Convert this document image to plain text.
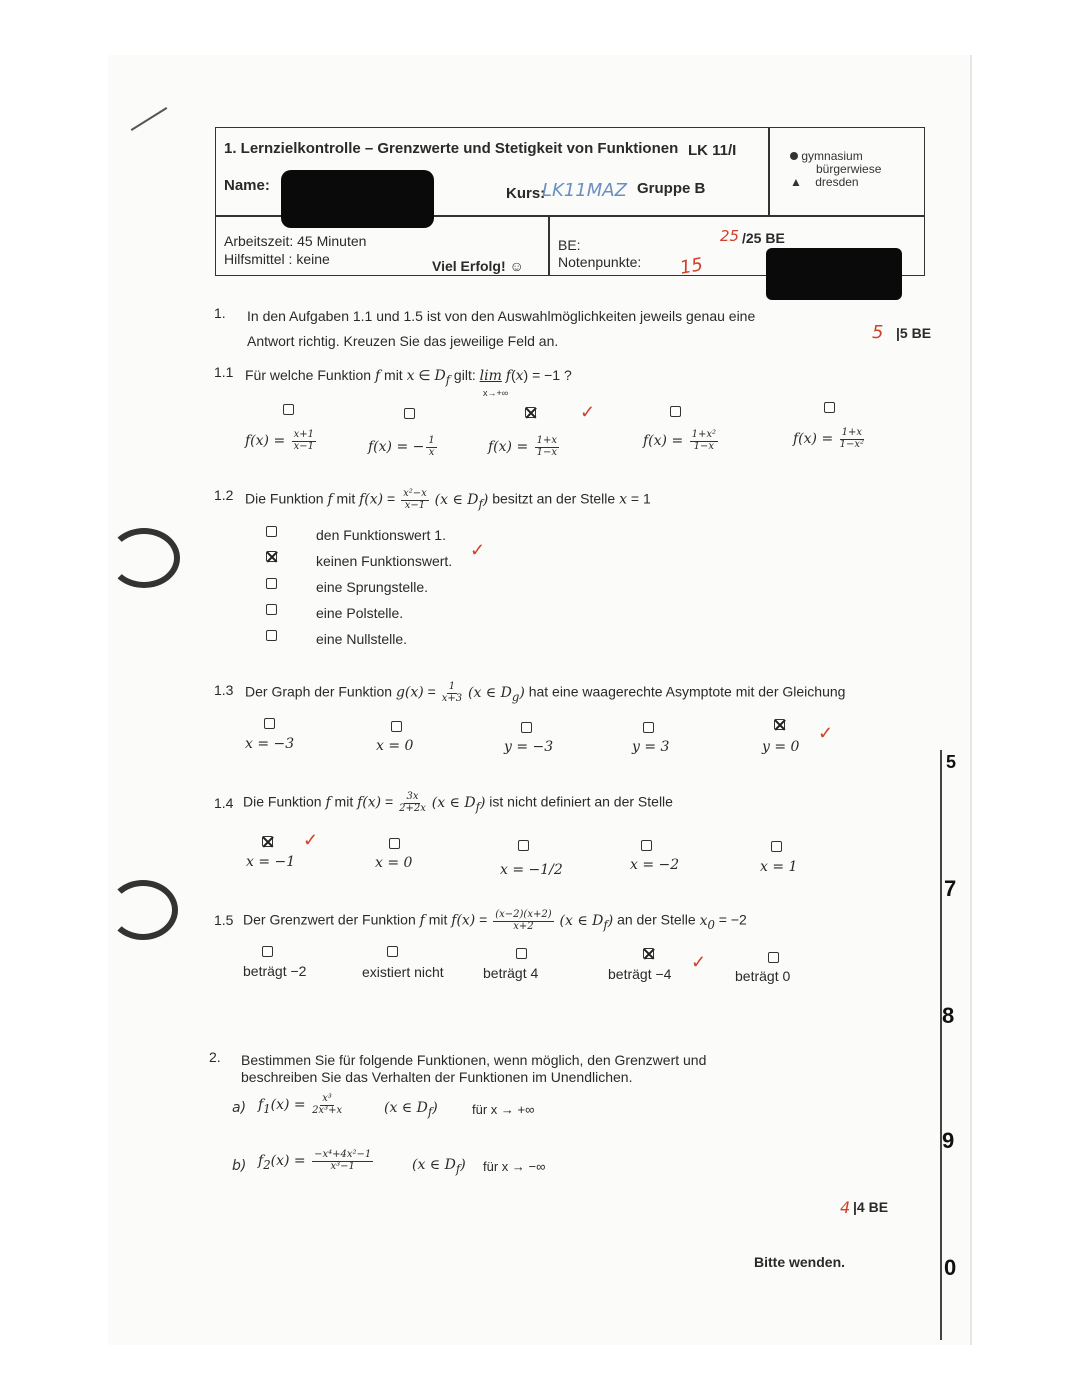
1. Lernzielkontrolle – Grenzwerte und Stetigkeit von Funktionen LK 11/I
Name:	Kurs:
LK11MAZ Gruppe B
gymnasium
bürgerwiese
▲ dresden
Arbeitszeit: 45 Minuten
Hilfsmittel : keine	Viel Erfolg! ☺
BE:
Notenpunkte:
25 /25 BE
15
1. In den Aufgaben 1.1 und 1.5 ist von den Auswahlmöglichkeiten jeweils genau eine
Antwort richtig. Kreuzen Sie das jeweilige Feld an.	5 |5 BE
1.1 Für welche Funktion f mit x ∈ $D_f$ gilt: lim f(x) = −1 ?
x→+∞
✓
$f(x) = \frac{x+1}{x-1}$	f(x) = − $\frac{1}{x}$	$f(x) = \frac{1+x}{1-x}$	$f(x) = \frac{\text{1+x²}}{1-x}$	$f(x) = \frac{1+x}{\text{1−x²}}$
1.2 Die Funktion f mit $f(x) = \frac{\text{x²−x}}{x-1} (x$ ∈ $D_f$) besitzt an der Stelle x = 1
den Funktionswert 1.
keinen Funktionswert.
eine Sprungstelle.
eine Polstelle.
eine Nullstelle.
✓
1.3 Der Graph der Funktion $g(x) = \frac{1}{x+3} (x$ ∈ $D_g$) hat eine waagerechte Asymptote mit der Gleichung
✓
x = −3	x = 0	y = −3	y = 3	y = 0
1.4 Die Funktion f mit $f(x) = \frac{3x}{2+2x} (x$ ∈ $D_f$) ist nicht definiert an der Stelle
✓
x = −1	x = 0	x = −1/2	x = −2	x = 1
1.5 Der Grenzwert der Funktion f mit $f(x) = \frac{(x-2)(x+2)}{x+2} (x$ ∈ $D_f$) an der Stelle $x_0 = -2$
✓
beträgt −2	existiert nicht	beträgt 4	beträgt −4	beträgt 0
2. Bestimmen Sie für folgende Funktionen, wenn möglich, den Grenzwert und
beschreiben Sie das Verhalten der Funktionen im Unendlichen.
a) $f_1(x) = \frac{\text{x³}}{\text{2x³+x}}$	(x ∈ $D_f$)	für x → +∞
b) $f_2(x) = \frac{\text{−x⁴+4x²−1}}{\text{x³−1}}$	(x ∈ $D_f$) für x → −∞
4 |4 BE
Bitte wenden.
5
7
8
9
0
